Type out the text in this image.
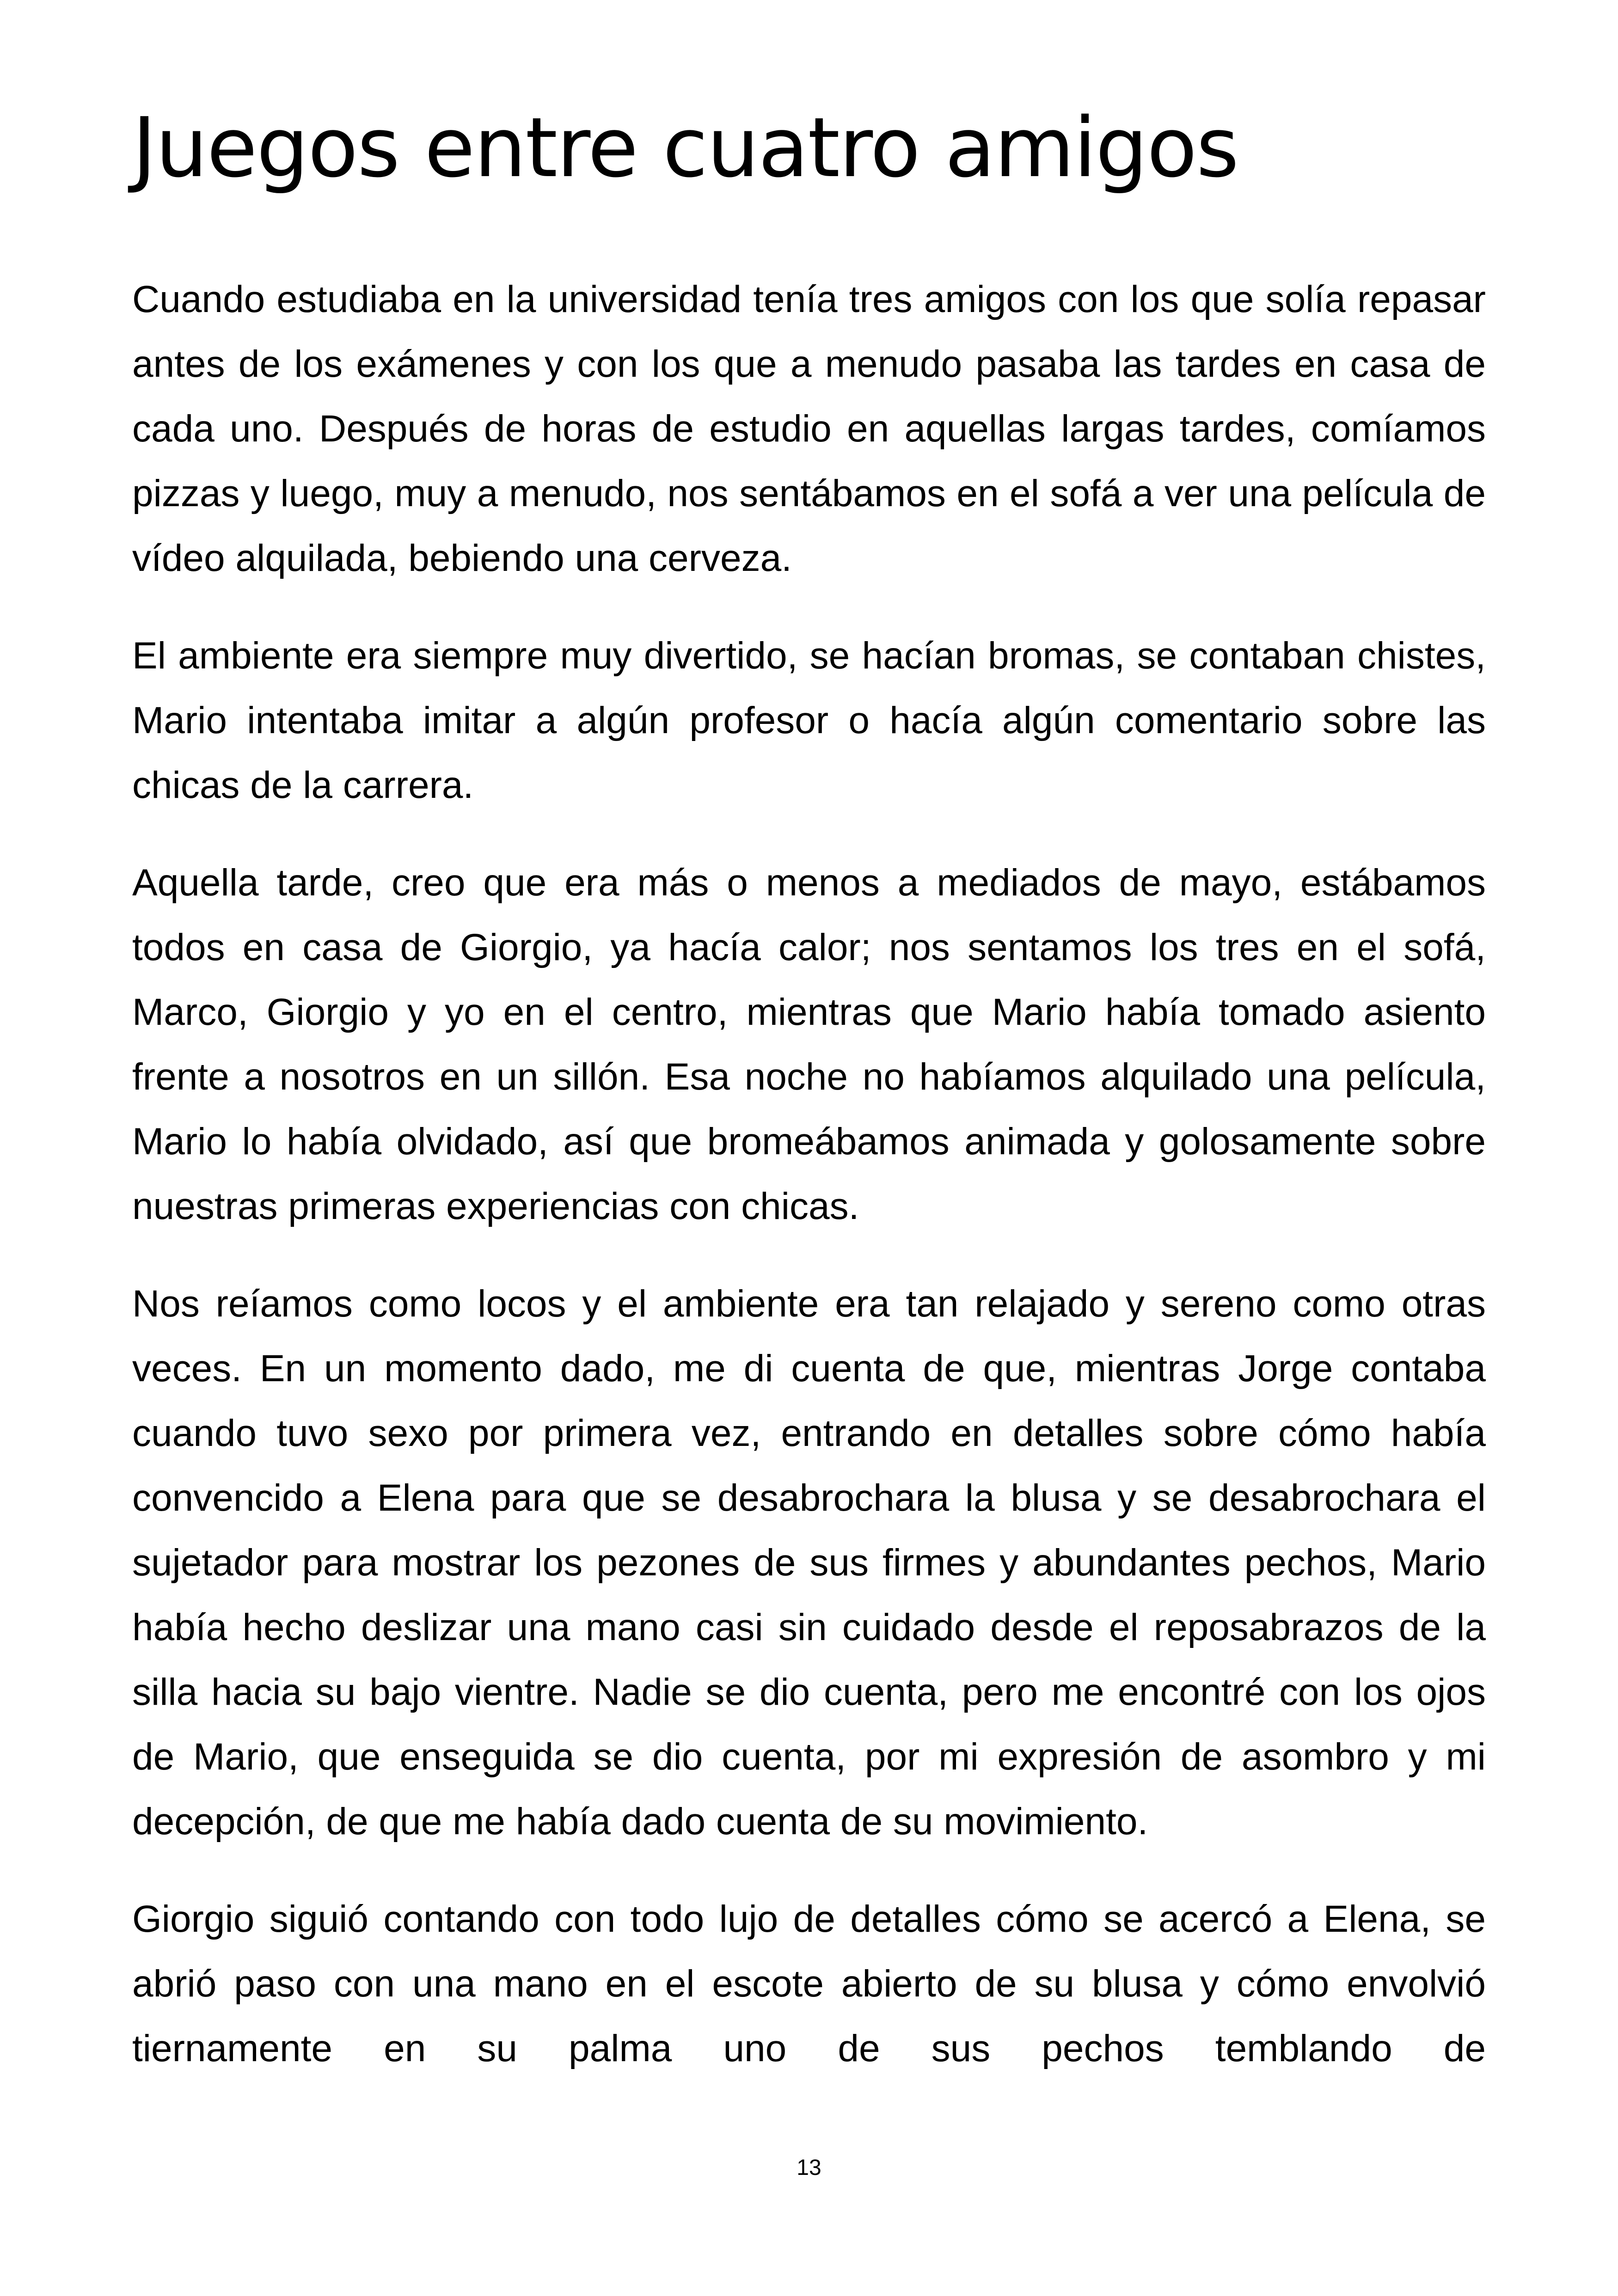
Juegos entre cuatro amigos

Cuando estudiaba en la universidad tenía tres amigos con los que solía repasar antes de los exámenes y con los que a menudo pasaba las tardes en casa de cada uno. Después de horas de estudio en aquellas largas tardes, comíamos pizzas y luego, muy a menudo, nos sentábamos en el sofá a ver una película de vídeo alquilada, bebiendo una cerveza.

El ambiente era siempre muy divertido, se hacían bromas, se contaban chistes, Mario intentaba imitar a algún profesor o hacía algún comentario sobre las chicas de la carrera.

Aquella tarde, creo que era más o menos a mediados de mayo, estábamos todos en casa de Giorgio, ya hacía calor; nos sentamos los tres en el sofá, Marco, Giorgio y yo en el centro, mientras que Mario había tomado asiento frente a nosotros en un sillón. Esa noche no habíamos alquilado una película, Mario lo había olvidado, así que bromeábamos animada y golosamente sobre nuestras primeras experiencias con chicas.

Nos reíamos como locos y el ambiente era tan relajado y sereno como otras veces. En un momento dado, me di cuenta de que, mientras Jorge contaba cuando tuvo sexo por primera vez, entrando en detalles sobre cómo había convencido a Elena para que se desabrochara la blusa y se desabrochara el sujetador para mostrar los pezones de sus firmes y abundantes pechos, Mario había hecho deslizar una mano casi sin cuidado desde el reposabrazos de la silla hacia su bajo vientre. Nadie se dio cuenta, pero me encontré con los ojos de Mario, que enseguida se dio cuenta, por mi expresión de asombro y mi decepción, de que me había dado cuenta de su movimiento.

Giorgio siguió contando con todo lujo de detalles cómo se acercó a Elena, se abrió paso con una mano en el escote abierto de su blusa y cómo envolvió tiernamente en su palma uno de sus pechos temblando de

13
